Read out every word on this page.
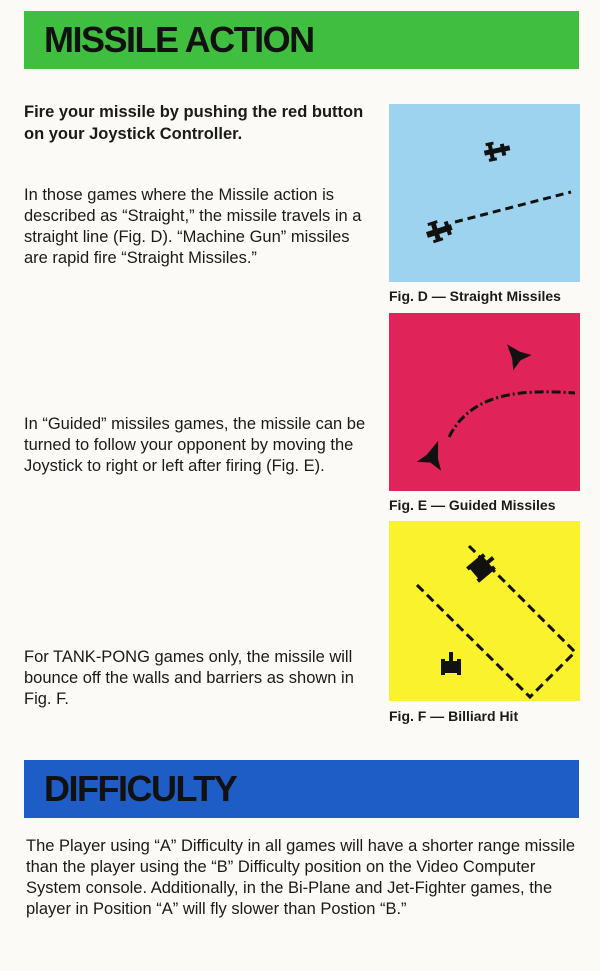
MISSILE ACTION
Fire your missile by pushing the red button on your Joystick Controller.
In those games where the Missile action is described as “Straight,” the missile travels in a straight line (Fig. D). “Machine Gun” missiles are rapid fire “Straight Missiles.”
In “Guided” missiles games, the missile can be turned to follow your opponent by moving the Joystick to right or left after firing (Fig. E).
For TANK-PONG games only, the missile will bounce off the walls and barriers as shown in Fig. F.
Fig. D — Straight Missiles
Fig. E — Guided Missiles
Fig. F — Billiard Hit
DIFFICULTY
The Player using “A” Difficulty in all games will have a shorter range missile than the player using the “B” Difficulty position on the Video Computer System console. Additionally, in the Bi-Plane and Jet-Fighter games, the player in Position “A” will fly slower than Postion “B.”
